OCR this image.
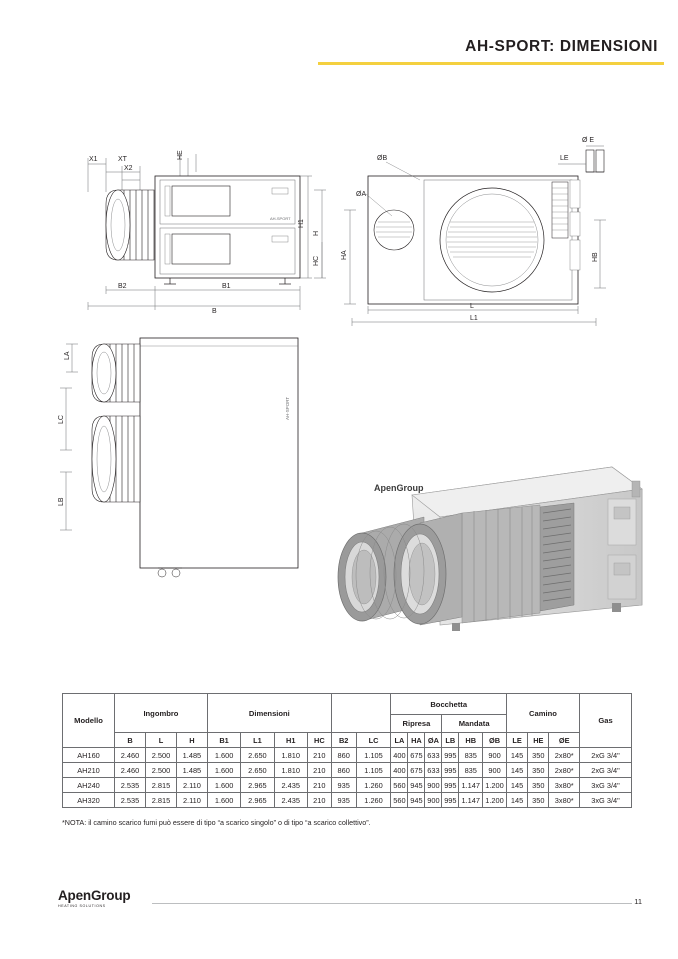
AH-SPORT: DIMENSIONI
X1	XT
X2
HE
AH-SPORT
H1
H
HC
B2
B
B1
ØB
ØA
Ø E
LE
HA	HB
L
L1
AH-SPORT
LA
LC
LB
ApenGroup
Modello	Ingombro			Dimensioni						Bocchetta						Camino			Gas
										Ripresa			Mandata						
	B	L	H	B1	L1	H1	HC	B2	LC	LA	HA	ØA	LB	HB	ØB	LE	HE	ØE	
AH160	2.460	2.500	1.485	1.600	2.650	1.810	210	860	1.105	400	675	633	995	835	900	145	350	2x80*	2xG 3/4"
AH210	2.460	2.500	1.485	1.600	2.650	1.810	210	860	1.105	400	675	633	995	835	900	145	350	2x80*	2xG 3/4"
AH240	2.535	2.815	2.110	1.600	2.965	2.435	210	935	1.260	560	945	900	995	1.147	1.200	145	350	3x80*	3xG 3/4"
AH320	2.535	2.815	2.110	1.600	2.965	2.435	210	935	1.260	560	945	900	995	1.147	1.200	145	350	3x80*	3xG 3/4"
*NOTA: il camino scarico fumi può essere di tipo “a scarico singolo” o di tipo “a scarico collettivo”.
ApenGroup
HEATING SOLUTIONS	11
